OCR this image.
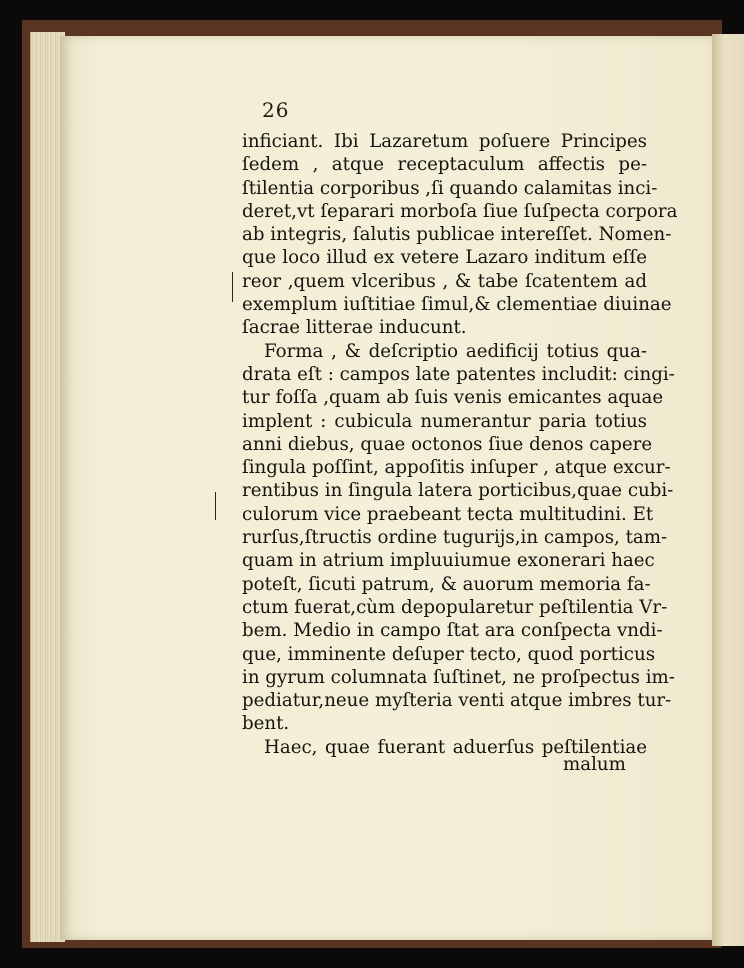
26
inficiant. Ibi Lazaretum poſuere Principes
ſedem , atque receptaculum affectis pe-
ſtilentia corporibus ,ſi quando calamitas inci-
deret,vt ſeparari morboſa ſiue ſuſpecta corpora
ab integris, ſalutis publicae intereſſet. Nomen-
que loco illud ex vetere Lazaro inditum eſſe
reor ,quem vlceribus , & tabe ſcatentem ad
exemplum iuſtitiae ſimul,& clementiae diuinae
ſacrae litterae inducunt.
Forma , & deſcriptio aedificij totius qua-
drata eſt : campos late patentes includit: cingi-
tur foſſa ,quam ab ſuis venis emicantes aquae
implent : cubicula numerantur paria totius
anni diebus, quae octonos ſiue denos capere
ſingula poſſint, appoſitis inſuper , atque excur-
rentibus in ſingula latera porticibus,quae cubi-
culorum vice praebeant tecta multitudini. Et
rurſus,ſtructis ordine tugurijs,in campos, tam-
quam in atrium impluuiumue exonerari haec
poteſt, ſicuti patrum, & auorum memoria fa-
ctum fuerat,cùm depopularetur peſtilentia Vr-
bem. Medio in campo ſtat ara conſpecta vndi-
que, imminente deſuper tecto, quod porticus
in gyrum columnata ſuſtinet, ne proſpectus im-
pediatur,neue myſteria venti atque imbres tur-
bent.
Haec, quae fuerant aduerſus peſtilentiae
malum
